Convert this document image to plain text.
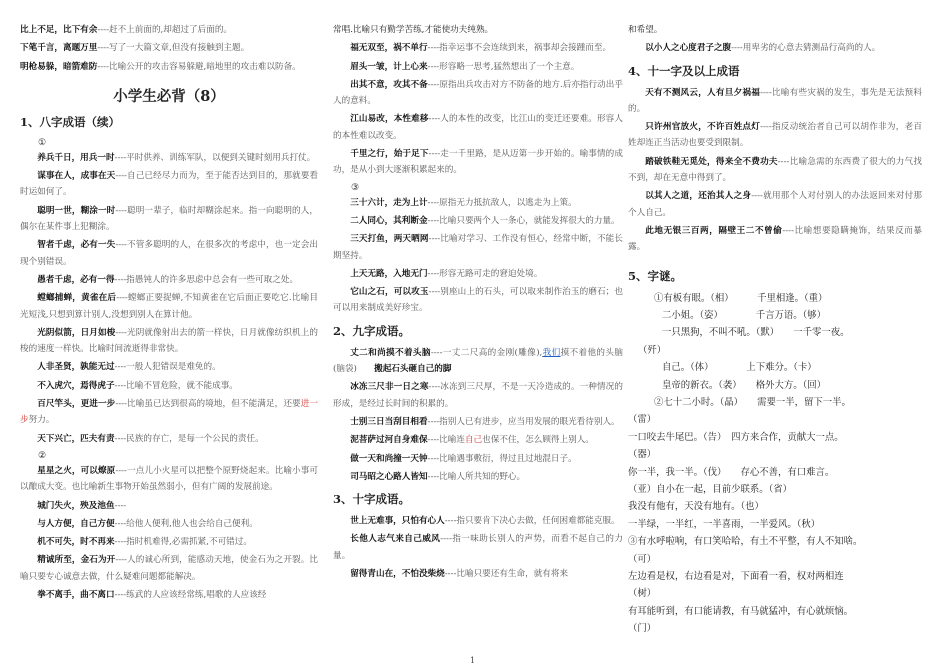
比上不足，比下有余----赶不上前面的,却超过了后面的。

下笔千言，离题万里----写了一大篇文章,但没有接触到主题。

明枪易躲，暗箭难防----比喻公开的攻击容易躲避,暗地里的攻击难以防备。

小学生必背（8）
1、八字成语（续）
①

养兵千日，用兵一时----平时供养、训练军队，以便到关键时刻用兵打仗。

谋事在人，成事在天----自己已经尽力而为，至于能否达到目的，那就要看时运如何了。

聪明一世，糊涂一时----聪明一辈子，临时却糊涂起来。指一向聪明的人，偶尔在某件事上犯糊涂。

智者千虑，必有一失----不管多聪明的人，在很多次的考虑中，也一定会出现个别错误。

愚者千虑，必有一得----指愚钝人的许多思虑中总会有一些可取之处。

螳螂捕蝉，黄雀在后----螳螂正要捉蝉,不知黄雀在它后面正要吃它.比喻目光短浅,只想到算计别人,没想到别人在算计他。

光阴似箭，日月如梭----光阴就像射出去的箭一样快，日月就像纺织机上的梭的速度一样快。比喻时间流逝得非常快。

人非圣贤，孰能无过----一般人犯错误是难免的。

不入虎穴，焉得虎子----比喻不冒危险，就不能成事。

百尺竿头，更进一步----比喻虽已达到很高的境地，但不能满足，还要进一步努力。

天下兴亡，匹夫有责----民族的存亡，是每一个公民的责任。

②

星星之火，可以燎原----一点儿小火星可以把整个原野烧起来。比喻小事可以酿成大变。也比喻新生事物开始虽然弱小，但有广阔的发展前途。

城门失火，殃及池鱼----

与人方便，自己方便----给他人便利,他人也会给自己便利。

机不可失，时不再来----指时机难得,必需抓紧,不可错过。

精诚所至，金石为开----人的诚心所到，能感动天地，使金石为之开裂。比喻只要专心诚意去做，什么疑难问题都能解决。

拳不离手，曲不离口----练武的人应该经常练,唱歌的人应该经

常唱.比喻只有勤学苦练,才能使功夫纯熟。

福无双至，祸不单行----指幸运事不会连续到来，祸事却会接踵而至。

眉头一皱，计上心来----形容略一思考,猛然想出了一个主意。

出其不意，攻其不备----原指出兵攻击对方不防备的地方.后亦指行动出乎人的意料。

江山易改，本性难移----人的本性的改变，比江山的变迁还要难。形容人的本性难以改变。

千里之行，始于足下----走一千里路，是从迈第一步开始的。喻事情的成功，是从小到大逐渐积累起来的。

③

三十六计，走为上计----原指无力抵抗敌人，以逃走为上策。

二人同心，其利断金----比喻只要两个人一条心，就能发挥很大的力量。

三天打鱼，两天晒网----比喻对学习、工作没有恒心，经常中断，不能长期坚持。

上天无路，入地无门----形容无路可走的窘迫处境。

它山之石，可以攻玉----别座山上的石头，可以取来制作治玉的磨石；也可以用来制成美好珍宝。

2、九字成语。

丈二和尚摸不着头脑----一丈二尺高的金刚(雕像),我们摸不着他的头脑(脑袋)　　 搬起石头砸自己的脚

冰冻三尺非一日之寒----冰冻到三尺厚，不是一天冷造成的。一种情况的形成，是经过长时间的积累的。

士别三日当刮目相看----指别人已有进步，应当用发展的眼光看待别人。

泥菩萨过河自身难保----比喻连自己也保不住，怎么顾得上别人。

做一天和尚撞一天钟----比喻遇事敷衍，得过且过地混日子。

司马昭之心路人皆知----比喻人所共知的野心。

3、十字成语。

世上无难事，只怕有心人----指只要肯下决心去做，任何困难都能克服。

长他人志气来自己威风----指一味助长别人的声势，而看不起自己的力量。

留得青山在，不怕没柴烧----比喻只要还有生命，就有将来

和希望。

以小人之心度君子之腹----用卑劣的心意去猜测品行高尚的人。

4、十一字及以上成语

天有不测风云，人有旦夕祸福----比喻有些灾祸的发生，事先是无法预料的。

只许州官放火，不许百姓点灯----指反动统治者自己可以胡作非为，老百姓却连正当活动也要受到限制。

踏破铁鞋无觅处，得来全不费功夫----比喻急需的东西费了很大的力气找不到，却在无意中得到了。

以其人之道，还治其人之身----就用那个人对付别人的办法返回来对付那个人自己。

此地无银三百两，隔壁王二不曾偷----比喻想要隐瞒掩饰，结果反而暴露。

5、字谜。

①有板有眼。（相）　　　千里相逢。（重）

二小姐。（姿）　　　　千言万语。（够）

一只黑狗，不叫不吼。（默）　　一千零一夜。

（歼）

自己。（体）　　　　上下难分。（卡）

皇帝的新衣。（袭）　　格外大方。（回）

②七十二小时。（晶）　　需要一半，留下一半。

（雷）

一口咬去牛尾巴。（告）　四方来合作，贡献大一点。

（器）

你一半，我一半。（伐）　　存心不善，有口难言。

（亚）自小在一起，目前少联系。（省）

我没有他有，天没有地有。（也）

一半绿，一半红，一半喜雨，一半爱风。（秋）

③有水呼啦响，有口笑哈哈，有土不平整，有人不知啥。

（可）

左边看是权，右边看是对，下面看一看，权对两相连

（树）

有耳能听到，有口能请教，有马就猛冲，有心就烦恼。

（门）

1
